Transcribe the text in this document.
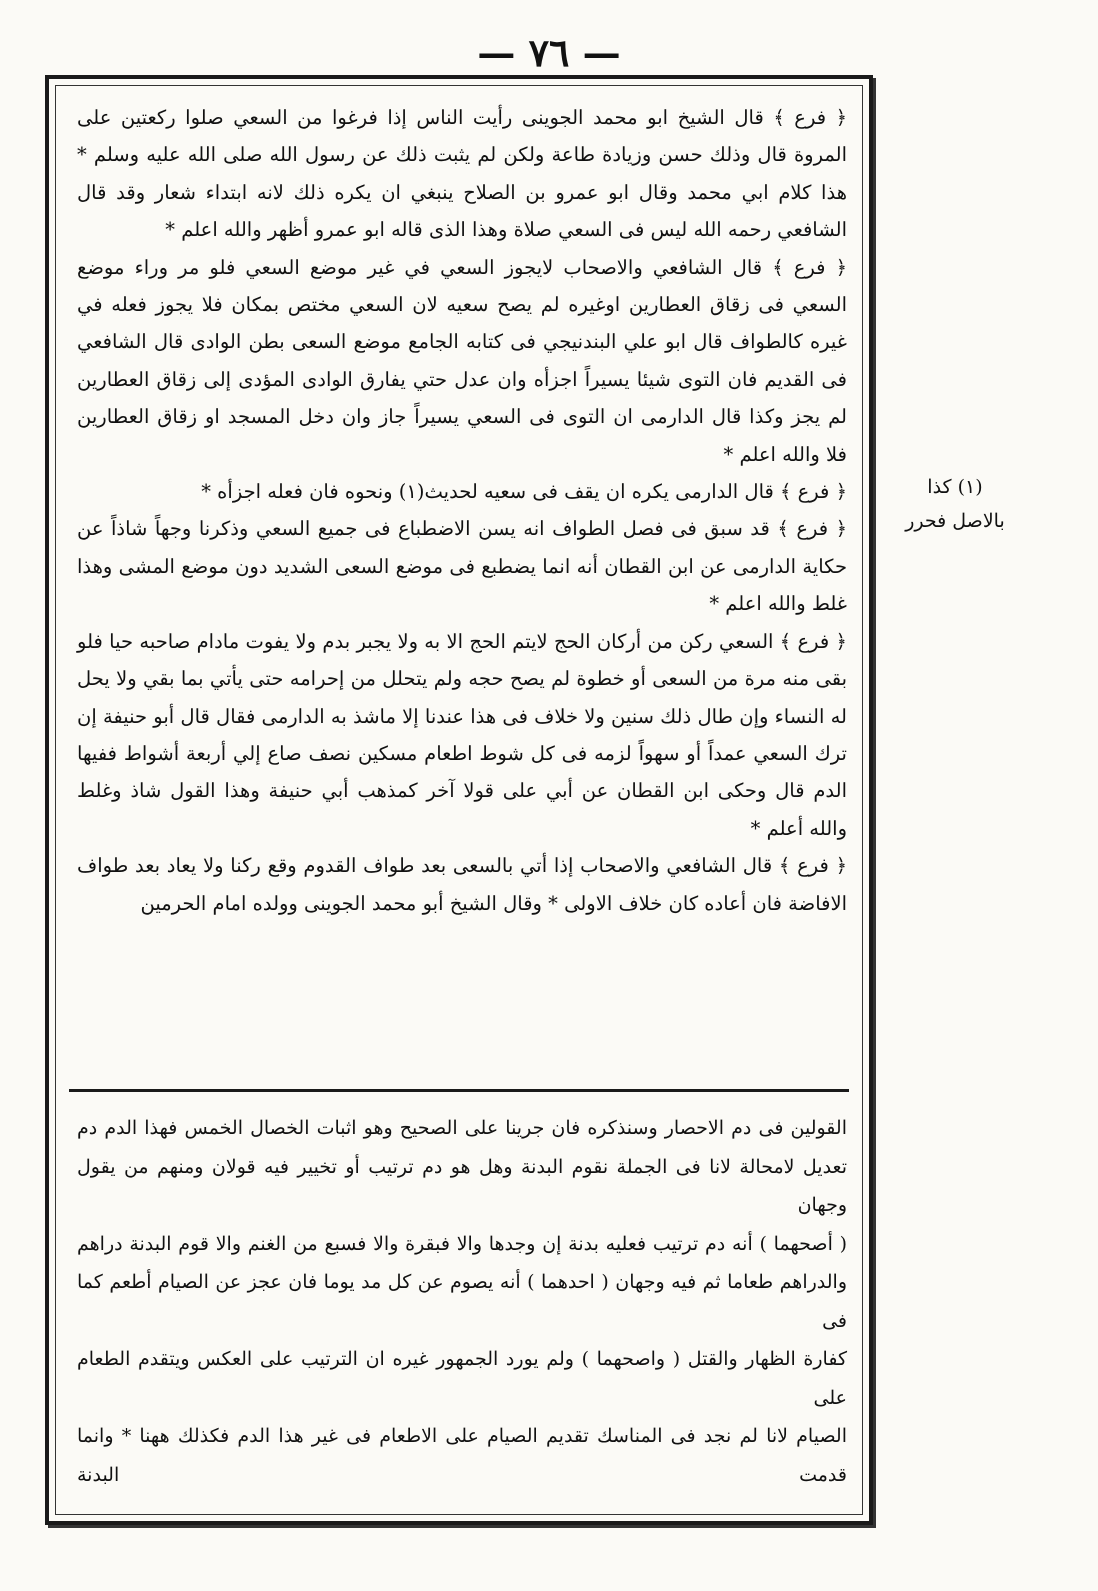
— ٧٦ —

﴿ فرع ﴾ قال الشيخ ابو محمد الجوينى رأيت الناس إذا فرغوا من السعي صلوا ركعتين على المروة قال وذلك حسن وزيادة طاعة ولكن لم يثبت ذلك عن رسول الله صلى الله عليه وسلم * هذا كلام ابي محمد وقال ابو عمرو بن الصلاح ينبغي ان يكره ذلك لانه ابتداء شعار وقد قال الشافعي رحمه الله ليس فى السعي صلاة وهذا الذى قاله ابو عمرو أظهر والله اعلم *

﴿ فرع ﴾ قال الشافعي والاصحاب لايجوز السعي في غير موضع السعي فلو مر وراء موضع السعي فى زقاق العطارين اوغيره لم يصح سعيه لان السعي مختص بمكان فلا يجوز فعله في غيره كالطواف قال ابو علي البندنيجي فى كتابه الجامع موضع السعى بطن الوادى قال الشافعي فى القديم فان التوى شيئا يسيراً اجزأه وان عدل حتي يفارق الوادى المؤدى إلى زقاق العطارين لم يجز وكذا قال الدارمى ان التوى فى السعي يسيراً جاز وان دخل المسجد او زقاق العطارين فلا والله اعلم *

﴿ فرع ﴾ قال الدارمى يكره ان يقف فى سعيه لحديث(١) ونحوه فان فعله اجزأه *

﴿ فرع ﴾ قد سبق فى فصل الطواف انه يسن الاضطباع فى جميع السعي وذكرنا وجهاً شاذاً عن حكاية الدارمى عن ابن القطان أنه انما يضطبع فى موضع السعى الشديد دون موضع المشى وهذا غلط والله اعلم *

﴿ فرع ﴾ السعي ركن من أركان الحج لايتم الحج الا به ولا يجبر بدم ولا يفوت مادام صاحبه حيا فلو بقى منه مرة من السعى أو خطوة لم يصح حجه ولم يتحلل من إحرامه حتى يأتي بما بقي ولا يحل له النساء وإن طال ذلك سنين ولا خلاف فى هذا عندنا إلا ماشذ به الدارمى فقال قال أبو حنيفة إن ترك السعي عمداً أو سهواً لزمه فى كل شوط اطعام مسكين نصف صاع إلي أربعة أشواط ففيها الدم قال وحكى ابن القطان عن أبي على قولا آخر كمذهب أبي حنيفة وهذا القول شاذ وغلط والله أعلم *

﴿ فرع ﴾ قال الشافعي والاصحاب إذا أتي بالسعى بعد طواف القدوم وقع ركنا ولا يعاد بعد طواف الافاضة فان أعاده كان خلاف الاولى * وقال الشيخ أبو محمد الجوينى وولده امام الحرمين

القولين فى دم الاحصار وسنذكره فان جرينا على الصحيح وهو اثبات الخصال الخمس فهذا الدم دم

تعديل لامحالة لانا فى الجملة نقوم البدنة وهل هو دم ترتيب أو تخيير فيه قولان ومنهم من يقول وجهان

( أصحهما ) أنه دم ترتيب فعليه بدنة إن وجدها والا فبقرة والا فسبع من الغنم والا قوم البدنة دراهم

والدراهم طعاما ثم فيه وجهان ( احدهما ) أنه يصوم عن كل مد يوما فان عجز عن الصيام أطعم كما فى

كفارة الظهار والقتل ( واصحهما ) ولم يورد الجمهور غيره ان الترتيب على العكس ويتقدم الطعام على

الصيام لانا لم نجد فى المناسك تقديم الصيام على الاطعام فى غير هذا الدم فكذلك ههنا * وانما قدمت البدنة

(١) كذا
بالاصل فحرر
